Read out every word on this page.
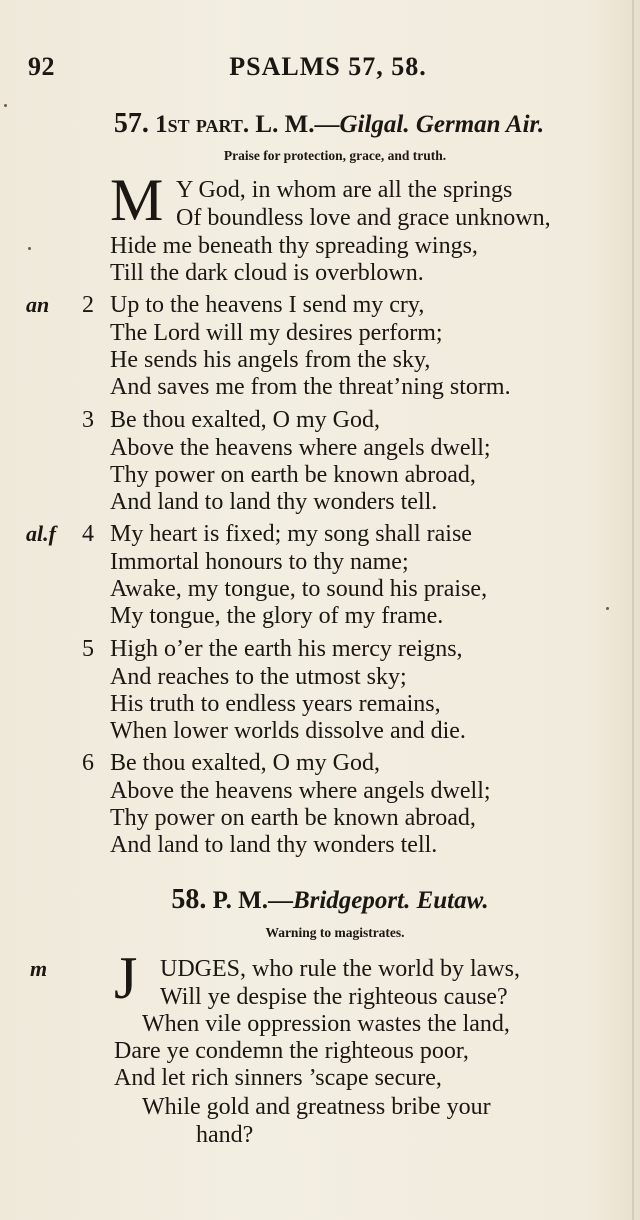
92	PSALMS 57, 58.
57. 1st part. L. M.—Gilgal. German Air.
Praise for protection, grace, and truth.
M Y God, in whom are all the springs
Of boundless love and grace unknown,
Hide me beneath thy spreading wings,
Till the dark cloud is overblown.
an 2 Up to the heavens I send my cry,
The Lord will my desires perform;
He sends his angels from the sky,
And saves me from the threat’ning storm.
3 Be thou exalted, O my God,
Above the heavens where angels dwell;
Thy power on earth be known abroad,
And land to land thy wonders tell.
al.f 4 My heart is fixed; my song shall raise
Immortal honours to thy name;
Awake, my tongue, to sound his praise,
My tongue, the glory of my frame.
5 High o’er the earth his mercy reigns,
And reaches to the utmost sky;
His truth to endless years remains,
When lower worlds dissolve and die.
6 Be thou exalted, O my God,
Above the heavens where angels dwell;
Thy power on earth be known abroad,
And land to land thy wonders tell.
58. P. M.—Bridgeport. Eutaw.
Warning to magistrates.
m J UDGES, who rule the world by laws,
Will ye despise the righteous cause?
When vile oppression wastes the land,
Dare ye condemn the righteous poor,
And let rich sinners ’scape secure,
While gold and greatness bribe your
hand?
